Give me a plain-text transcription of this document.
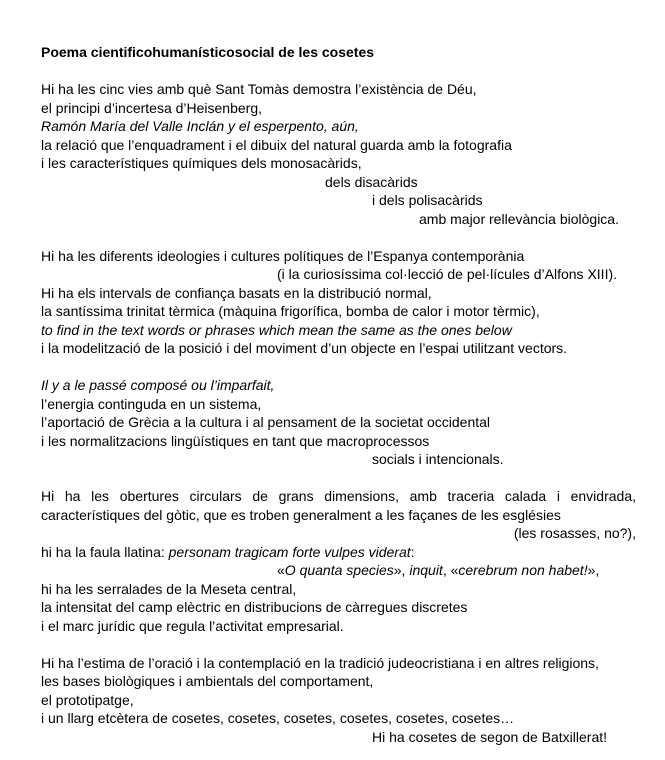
Poema cientificohumanísticosocial de les cosetes
Hi ha les cinc vies amb què Sant Tomàs demostra l’existència de Déu,
el principi d’incertesa d’Heisenberg,
Ramón María del Valle Inclán y el esperpento, aún,
la relació que l’enquadrament i el dibuix del natural guarda amb la fotografia
i les característiques químiques dels monosacàrids,
dels disacàrids
i dels polisacàrids
amb major rellevància biològica.
Hi ha les diferents ideologies i cultures polítiques de l’Espanya contemporània
(i la curiosíssima col·lecció de pel·lícules d’Alfons XIII).
Hi ha els intervals de confiança basats en la distribució normal,
la santíssima trinitat tèrmica (màquina frigorífica, bomba de calor i motor tèrmic),
to find in the text words or phrases which mean the same as the ones below
i la modelització de la posició i del moviment d’un objecte en l’espai utilitzant vectors.
Il y a le passé composé ou l’imparfait,
l’energia continguda en un sistema,
l’aportació de Grècia a la cultura i al pensament de la societat occidental
i les normalitzacions lingüístiques en tant que macroprocessos
socials i intencionals.
Hi ha les obertures circulars de grans dimensions, amb traceria calada i envidrada,
característiques del gòtic, que es troben generalment a les façanes de les esglésies
(les rosasses, no?),
hi ha la faula llatina: personam tragicam forte vulpes viderat:
«O quanta species», inquit, «cerebrum non habet!»,
hi ha les serralades de la Meseta central,
la intensitat del camp elèctric en distribucions de càrregues discretes
i el marc jurídic que regula l’activitat empresarial.
Hi ha l’estima de l’oració i la contemplació en la tradició judeocristiana i en altres religions,
les bases biològiques i ambientals del comportament,
el prototipatge,
i un llarg etcètera de cosetes, cosetes, cosetes, cosetes, cosetes, cosetes…
Hi ha cosetes de segon de Batxillerat!
